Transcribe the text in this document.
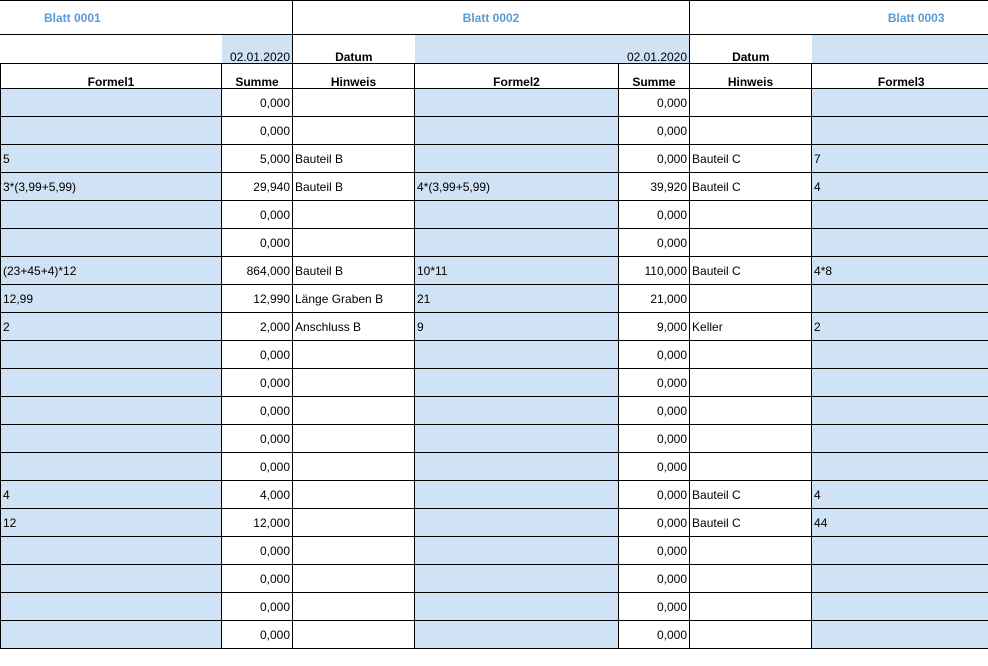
Blatt 0001			Blatt 0002			Blatt 0003	
		02.01.2020	Datum	02.01.2020		Datum	
	Formel1	Summe	Hinweis	Formel2	Summe	Hinweis	Formel3
		0,000			0,000		
		0,000			0,000		
	5	5,000	Bauteil B		0,000	Bauteil C	7
	3*(3,99+5,99)	29,940	Bauteil B	4*(3,99+5,99)	39,920	Bauteil C	4
		0,000			0,000		
		0,000			0,000		
	(23+45+4)*12	864,000	Bauteil B	10*11	110,000	Bauteil C	4*8
	12,99	12,990	Länge Graben B	21	21,000		
	2	2,000	Anschluss B	9	9,000	Keller	2
		0,000			0,000		
		0,000			0,000		
		0,000			0,000		
		0,000			0,000		
		0,000			0,000		
	4	4,000			0,000	Bauteil C	4
	12	12,000			0,000	Bauteil C	44
		0,000			0,000		
		0,000			0,000		
		0,000			0,000		
		0,000			0,000		
